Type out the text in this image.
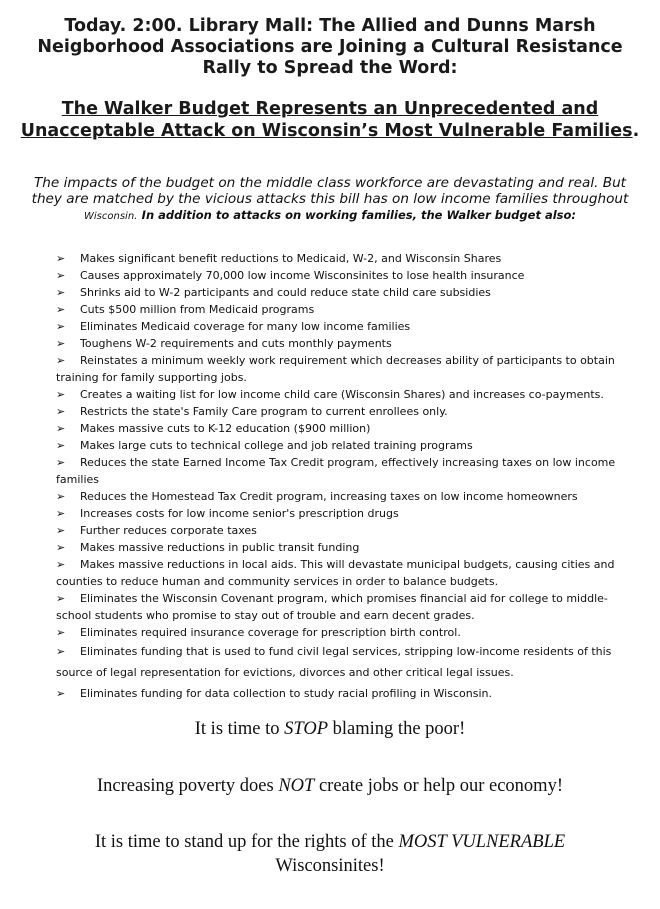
Today. 2:00. Library Mall: The Allied and Dunns Marsh Neigborhood Associations are Joining a Cultural Resistance Rally to Spread the Word:
The Walker Budget Represents an Unprecedented and Unacceptable Attack on Wisconsin’s Most Vulnerable Families.
The impacts of the budget on the middle class workforce are devastating and real. But they are matched by the vicious attacks this bill has on low income families throughout
Wisconsin. In addition to attacks on working families, the Walker budget also:
➢ Makes significant benefit reductions to Medicaid, W-2, and Wisconsin Shares
➢ Causes approximately 70,000 low income Wisconsinites to lose health insurance
➢ Shrinks aid to W-2 participants and could reduce state child care subsidies
➢ Cuts $500 million from Medicaid programs
➢ Eliminates Medicaid coverage for many low income families
➢ Toughens W-2 requirements and cuts monthly payments
➢ Reinstates a minimum weekly work requirement which decreases ability of participants to obtain training for family supporting jobs.
➢ Creates a waiting list for low income child care (Wisconsin Shares) and increases co-payments.
➢ Restricts the state's Family Care program to current enrollees only.
➢ Makes massive cuts to K-12 education ($900 million)
➢ Makes large cuts to technical college and job related training programs
➢ Reduces the state Earned Income Tax Credit program, effectively increasing taxes on low income families
➢ Reduces the Homestead Tax Credit program, increasing taxes on low income homeowners
➢ Increases costs for low income senior's prescription drugs
➢ Further reduces corporate taxes
➢ Makes massive reductions in public transit funding
➢ Makes massive reductions in local aids. This will devastate municipal budgets, causing cities and counties to reduce human and community services in order to balance budgets.
➢ Eliminates the Wisconsin Covenant program, which promises financial aid for college to middle-school students who promise to stay out of trouble and earn decent grades.
➢ Eliminates required insurance coverage for prescription birth control.
➢ Eliminates funding that is used to fund civil legal services, stripping low-income residents of this source of legal representation for evictions, divorces and other critical legal issues.
➢ Eliminates funding for data collection to study racial profiling in Wisconsin.
It is time to STOP blaming the poor!
Increasing poverty does NOT create jobs or help our economy!
It is time to stand up for the rights of the MOST VULNERABLE
Wisconsinites!
